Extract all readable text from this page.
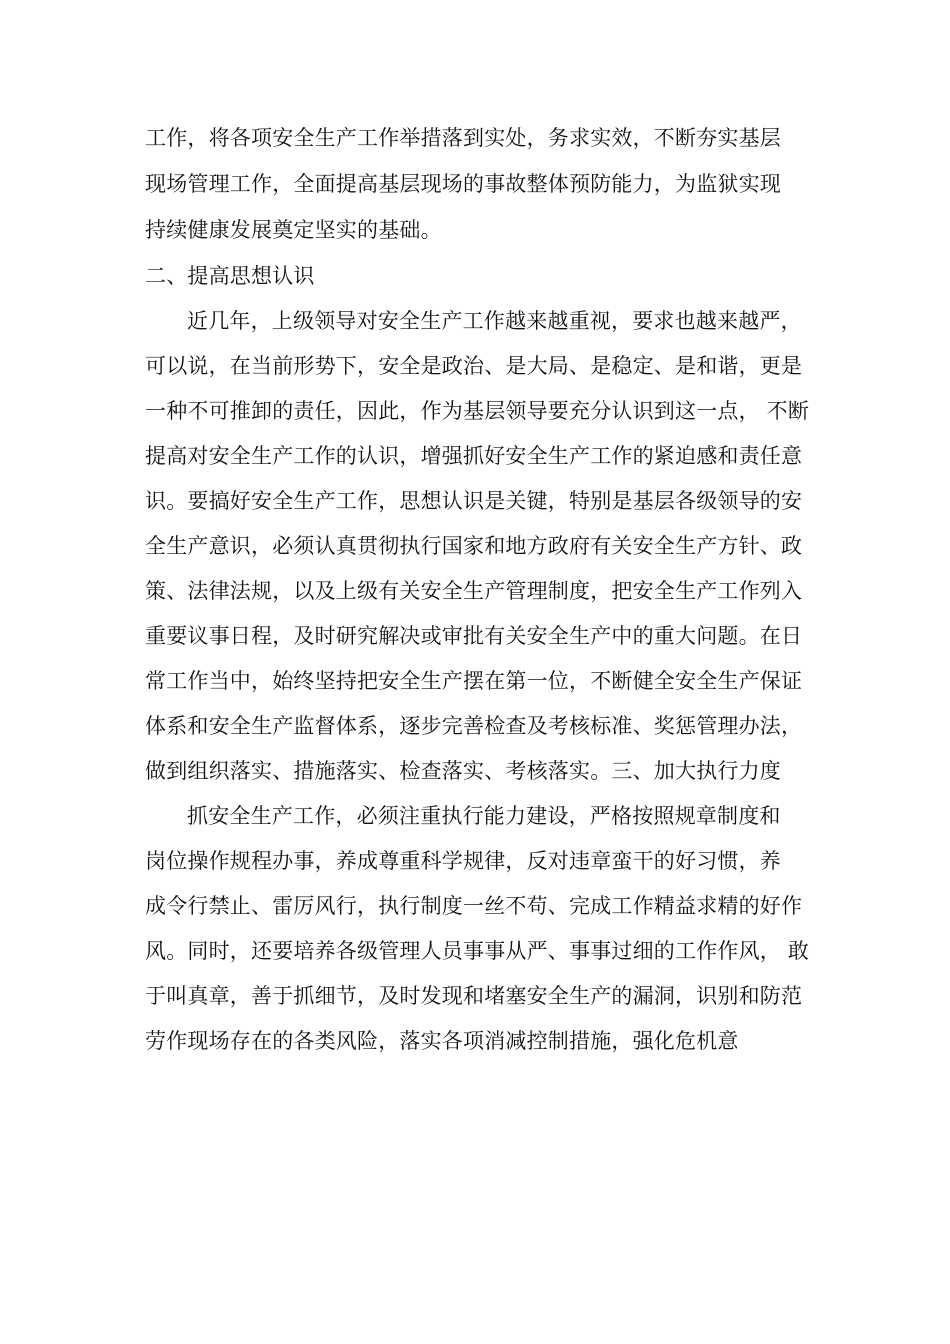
工作，将各项安全生产工作举措落到实处，务求实效，不断夯实基层
现场管理工作，全面提高基层现场的事故整体预防能力，为监狱实现
持续健康发展奠定坚实的基础。
二、提高思想认识
近几年，上级领导对安全生产工作越来越重视，要求也越来越严，
可以说，在当前形势下，安全是政治、是大局、是稳定、是和谐，更是
一种不可推卸的责任，因此，作为基层领导要充分认识到这一点， 不断
提高对安全生产工作的认识，增强抓好安全生产工作的紧迫感和责任意
识。要搞好安全生产工作，思想认识是关键，特别是基层各级领导的安
全生产意识，必须认真贯彻执行国家和地方政府有关安全生产方针、政
策、法律法规，以及上级有关安全生产管理制度，把安全生产工作列入
重要议事日程，及时研究解决或审批有关安全生产中的重大问题。在日
常工作当中，始终坚持把安全生产摆在第一位，不断健全安全生产保证
体系和安全生产监督体系，逐步完善检查及考核标准、奖惩管理办法，
做到组织落实、措施落实、检查落实、考核落实。三、加大执行力度
抓安全生产工作，必须注重执行能力建设，严格按照规章制度和
岗位操作规程办事，养成尊重科学规律，反对违章蛮干的好习惯，养
成令行禁止、雷厉风行，执行制度一丝不苟、完成工作精益求精的好作
风。同时，还要培养各级管理人员事事从严、事事过细的工作作风， 敢
于叫真章，善于抓细节，及时发现和堵塞安全生产的漏洞，识别和防范
劳作现场存在的各类风险，落实各项消减控制措施，强化危机意
